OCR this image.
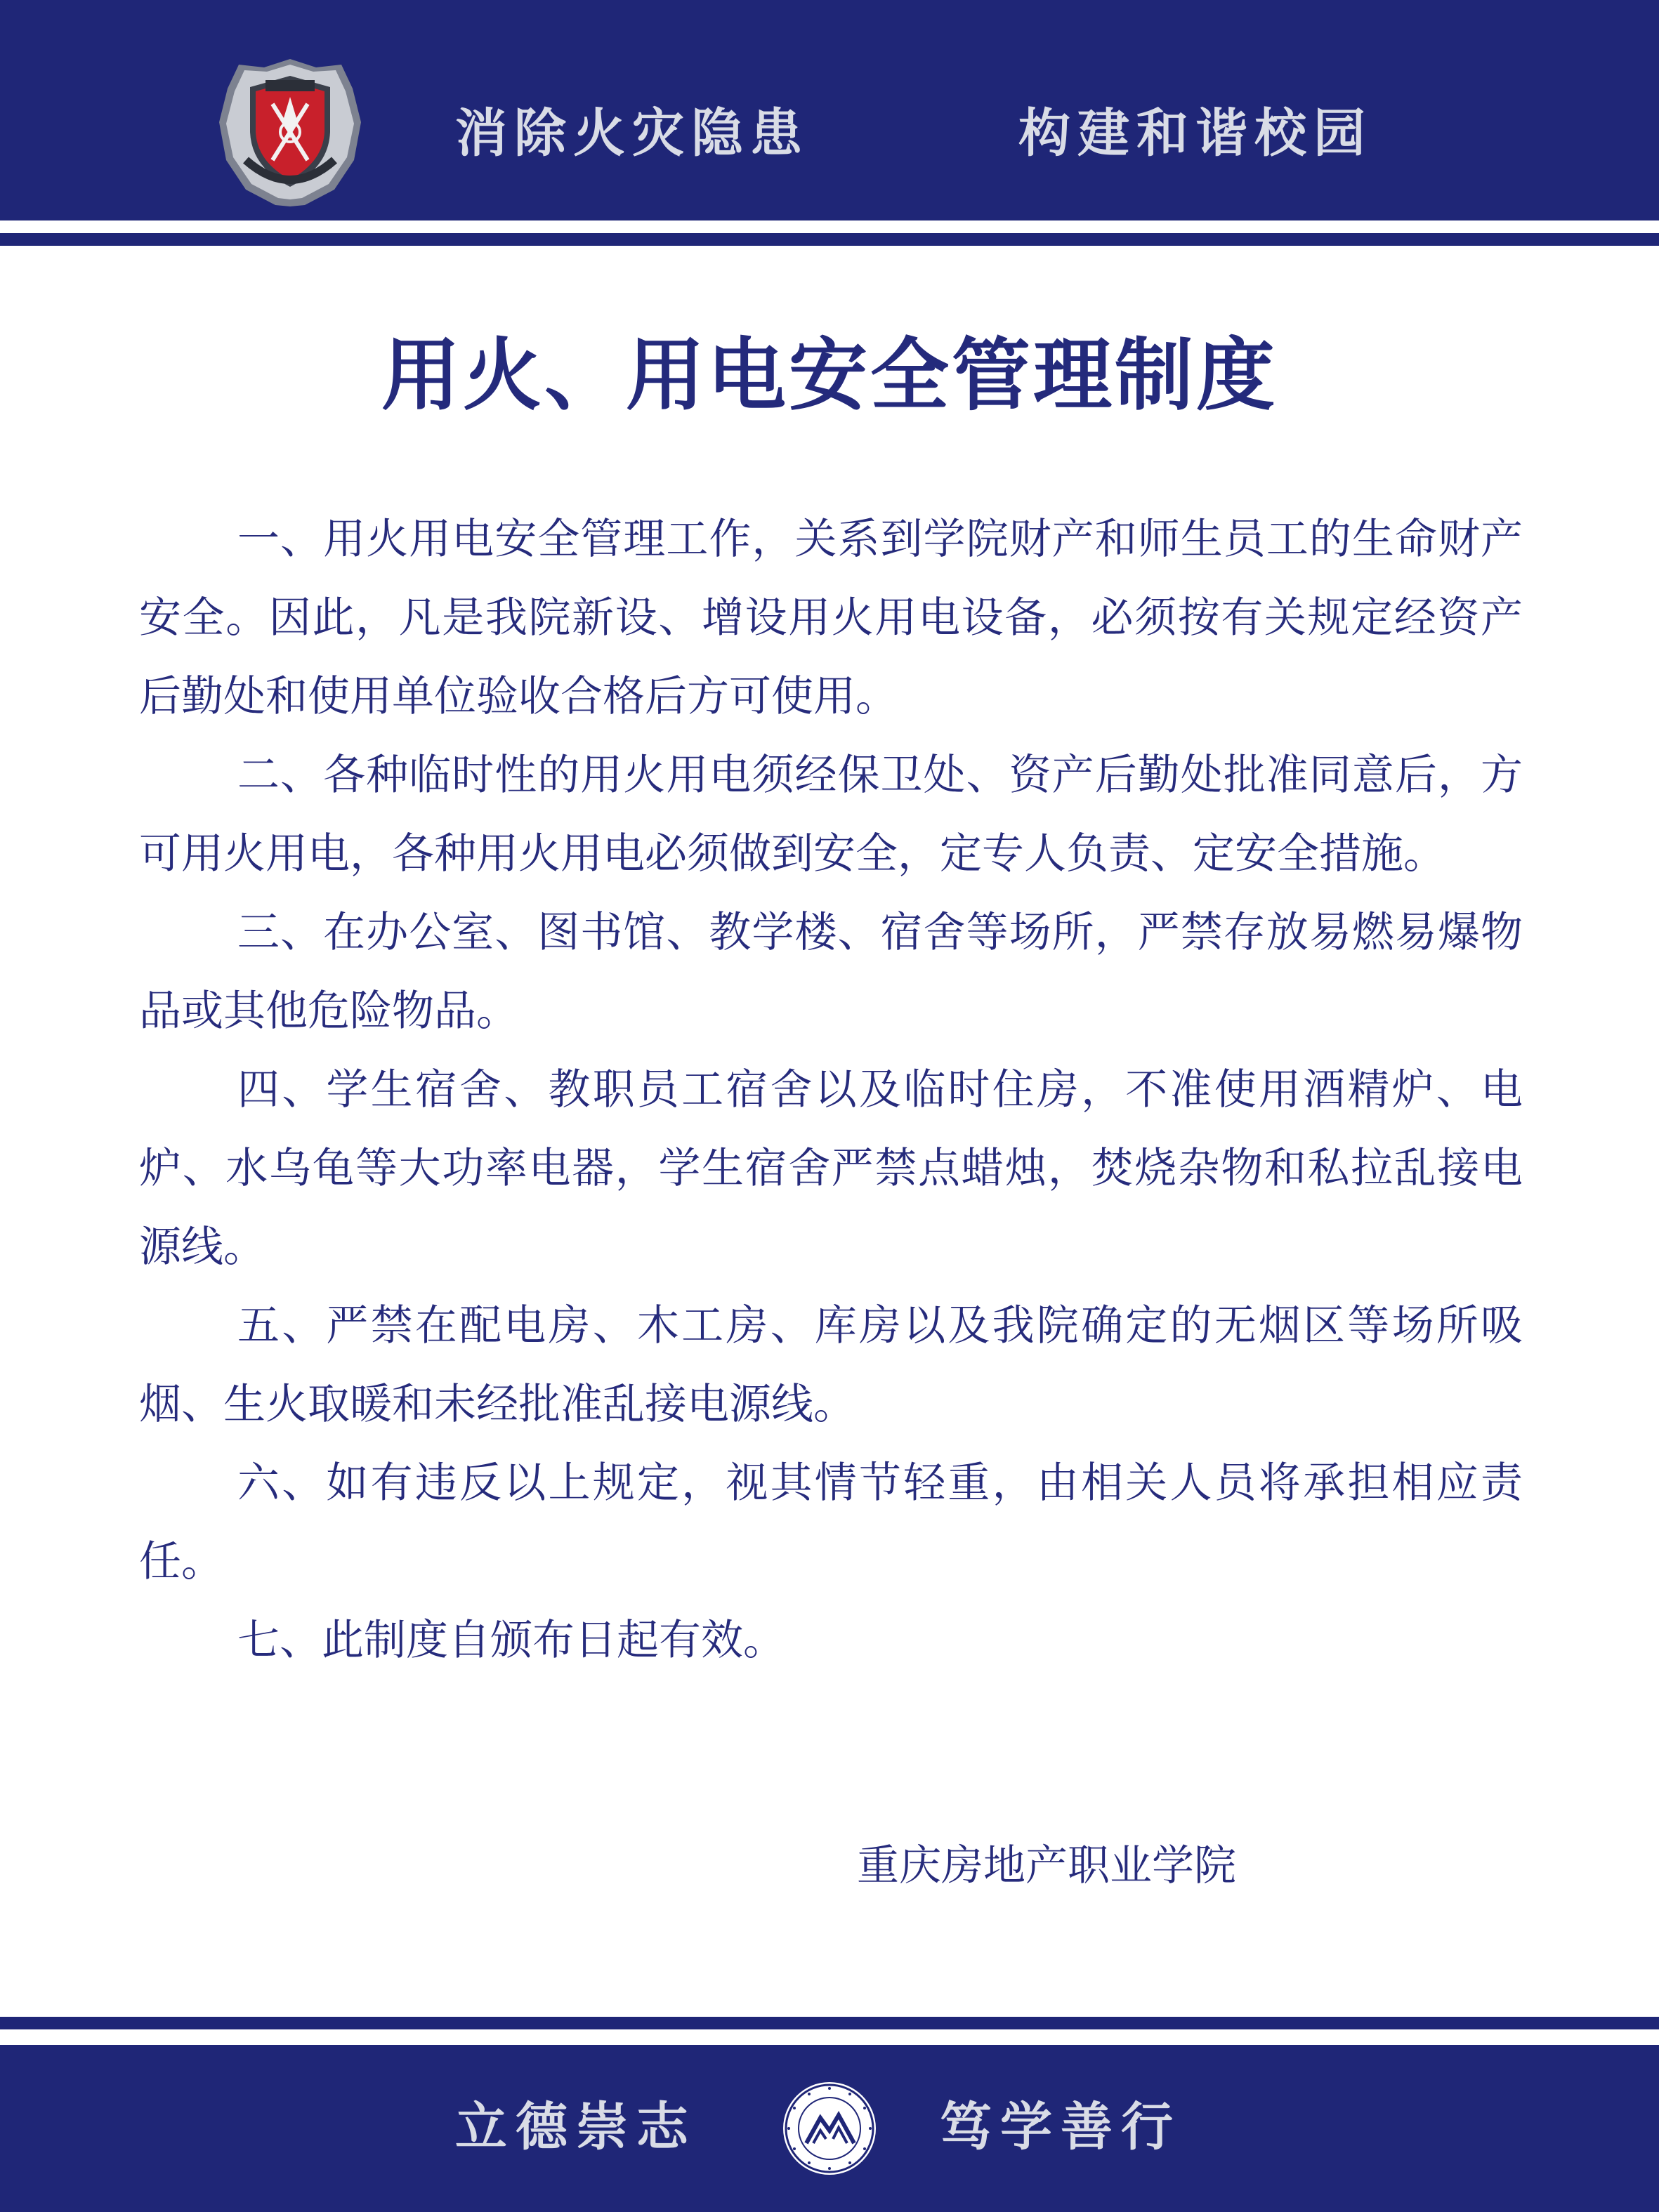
消除火灾隐患	构建和谐校园
用火、用电安全管理制度

一、用火用电安全管理工作，关系到学院财产和师生员工的生命财产安全。因此，凡是我院新设、增设用火用电设备，必须按有关规定经资产后勤处和使用单位验收合格后方可使用。

二、各种临时性的用火用电须经保卫处、资产后勤处批准同意后，方可用火用电，各种用火用电必须做到安全，定专人负责、定安全措施。

三、在办公室、图书馆、教学楼、宿舍等场所，严禁存放易燃易爆物品或其他危险物品。

四、学生宿舍、教职员工宿舍以及临时住房，不准使用酒精炉、电炉、水乌龟等大功率电器，学生宿舍严禁点蜡烛，焚烧杂物和私拉乱接电源线。

五、严禁在配电房、木工房、库房以及我院确定的无烟区等场所吸烟、生火取暖和未经批准乱接电源线。

六、如有违反以上规定，视其情节轻重，由相关人员将承担相应责任。

七、此制度自颁布日起有效。

重庆房地产职业学院
立德崇志	笃学善行
